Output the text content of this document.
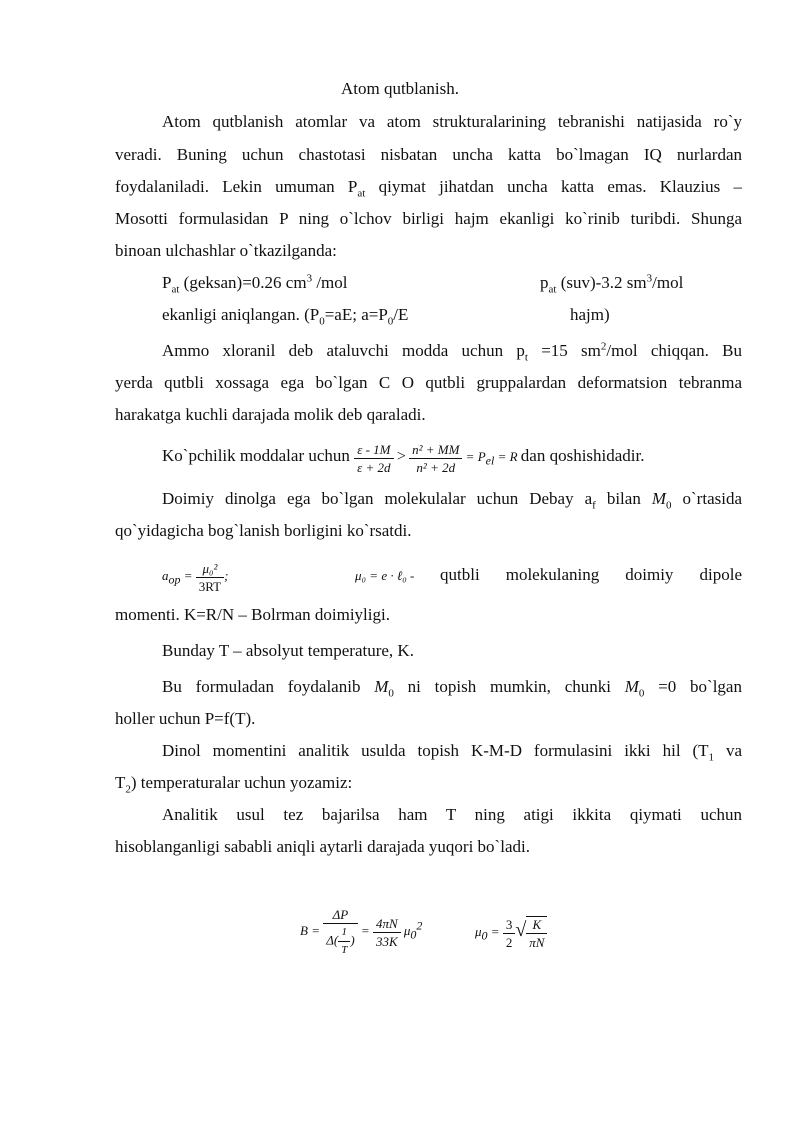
Atom qutblanish.
Atom qutblanish atomlar va atom strukturalarining tebranishi natijasida ro`y
veradi. Buning uchun chastotasi nisbatan uncha katta bo`lmagan IQ nurlardan
foydalaniladi. Lekin umuman $P_{at}$ qiymat jihatdan uncha katta emas. Klauzius –
Mosotti formulasidan P ning o`lchov birligi hajm ekanligi ko`rinib turibdi. Shunga
binoan ulchashlar o`tkazilganda:
$P_{at}$ (geksan)=0.26 $cm^3$ /mol	$p_{at}$ (suv)-3.2 $sm^3$/mol
ekanligi aniqlangan. ($P_0=aE$; $a=P_0/E$	hajm)
Ammo xloranil deb ataluvchi modda uchun $p_t =15$ $sm^2$/mol chiqqan. Bu
yerda qutbli xossaga ega bo`lgan C O qutbli gruppalardan deformatsion tebranma
harakatga kuchli darajada molik deb qaraladi.
Ko`pchilik moddalar uchun $\frac{\varepsilon - 1M}{\varepsilon + 2d} > \frac{\text{n² + MM}}{\text{n² + 2d}} = P_{el} = R$ dan qoshishidadir.
Doimiy dinolga ega bo`lgan molekulalar uchun Debay $a_f$ bilan $M_0$ o`rtasida
qo`yidagicha bog`lanish borligini ko`rsatdi.
$a_{op} = \frac{\text{μ₀²}}{3RT}$ ;	μ₀ = e · ℓ₀ - qutbli molekulaning doimiy dipole
momenti. K=R/N – Bolrman doimiyligi.
Bunday T – absolyut temperature, K.
Bu formuladan foydalanib $M_0$ ni topish mumkin, chunki $M_0 =0$ bo`lgan
holler uchun P=f(T).
Dinol momentini analitik usulda topish K-M-D formulasini ikki hil ($T_1$ va
$T_2$) temperaturalar uchun yozamiz:
Analitik usul tez bajarilsa ham T ning atigi ikkita qiymati uchun
hisoblanganligi sababli aniqli aytarli darajada yuqori bo`ladi.
$B = \frac{\Delta P}{\Delta( \frac{1}{T} )} = \frac{4\pi N}{33K} \mu_0^2$	$\mu_0 = \frac{3}{2}$ √ $\frac{K}{\pi N}$
